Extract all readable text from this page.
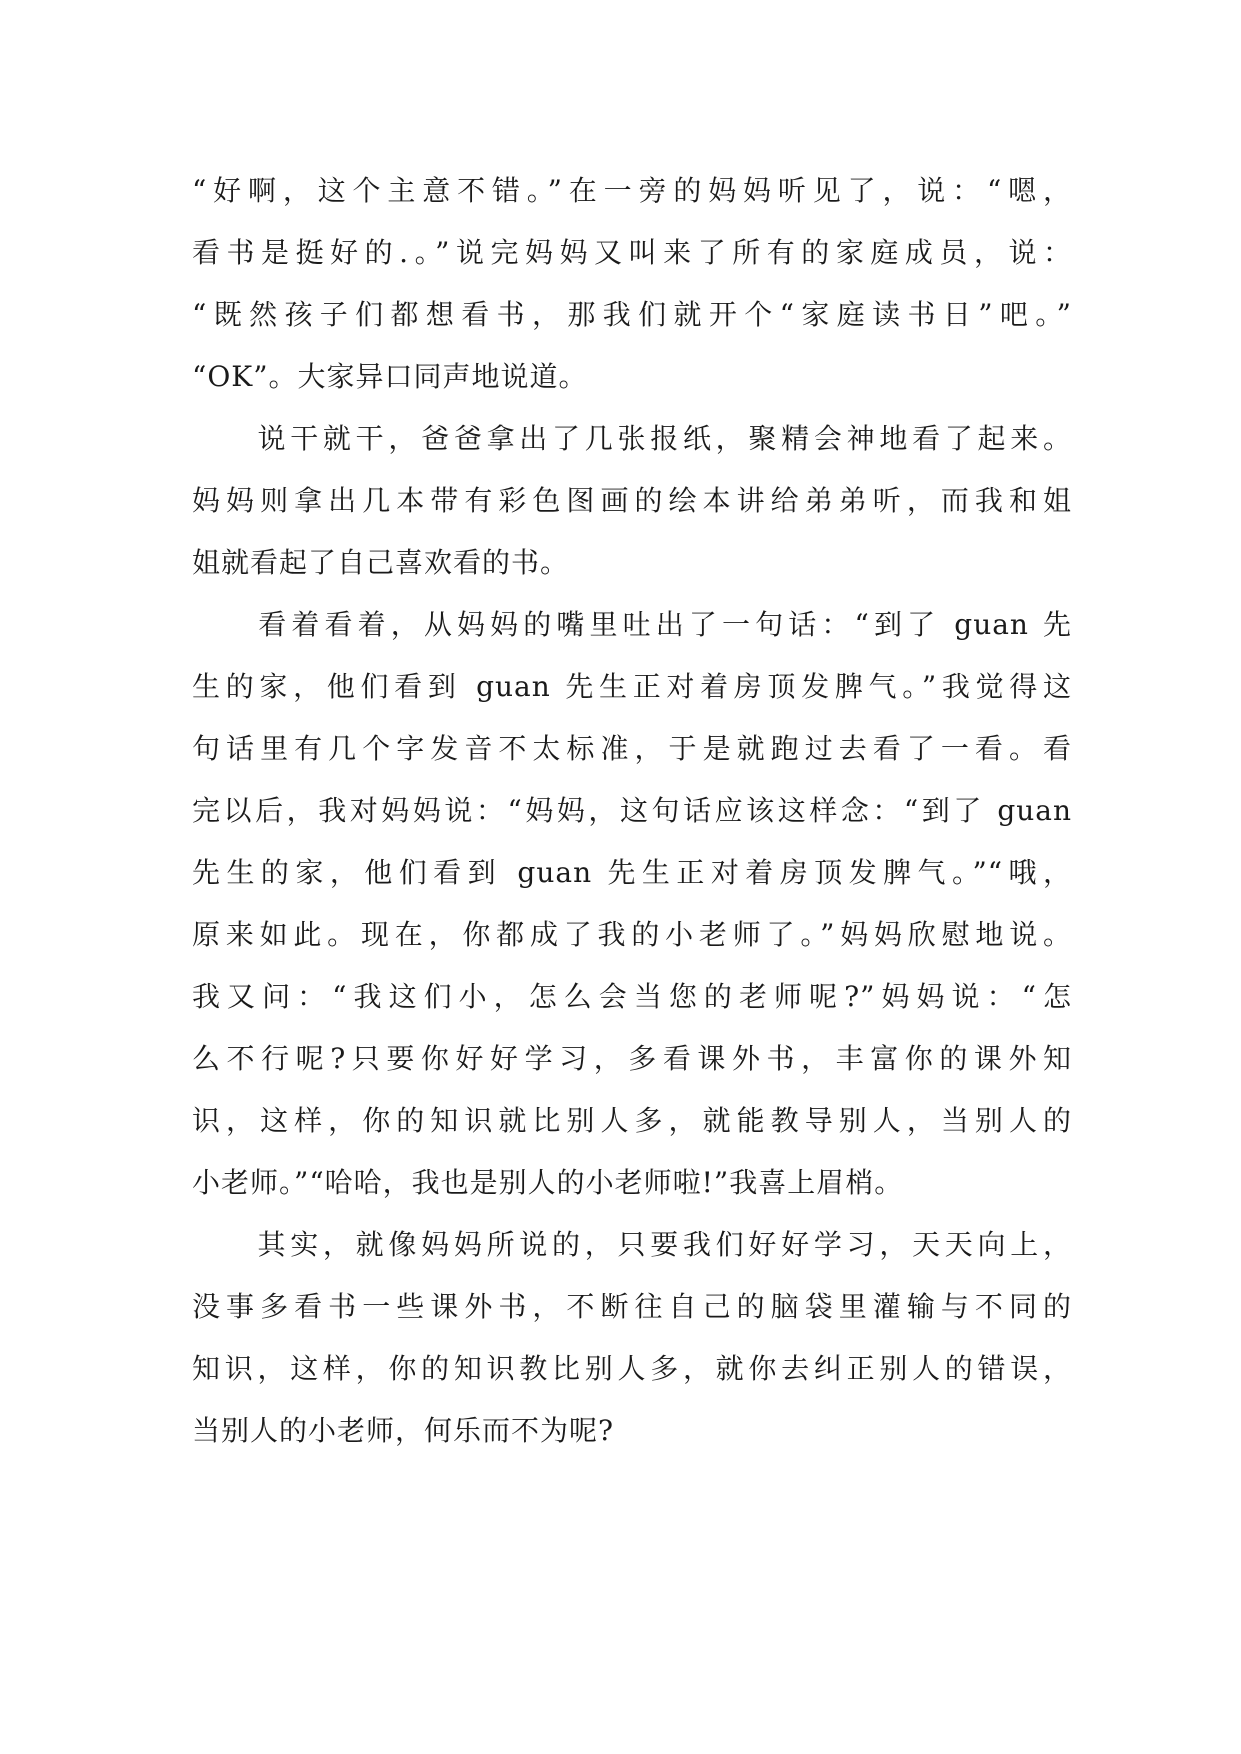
“好啊，这个主意不错。”在一旁的妈妈听见了，说：“嗯，
看书是挺好的.。”说完妈妈又叫来了所有的家庭成员，说：
“既然孩子们都想看书，那我们就开个“家庭读书日”吧。”
“OK”。大家异口同声地说道。
　　说干就干，爸爸拿出了几张报纸，聚精会神地看了起来。
妈妈则拿出几本带有彩色图画的绘本讲给弟弟听，而我和姐
姐就看起了自己喜欢看的书。
　　看着看着，从妈妈的嘴里吐出了一句话：“到了 guan 先
生的家，他们看到 guan 先生正对着房顶发脾气。”我觉得这
句话里有几个字发音不太标准，于是就跑过去看了一看。看
完以后，我对妈妈说：“妈妈，这句话应该这样念：“到了 guan
先生的家，他们看到 guan 先生正对着房顶发脾气。”“哦，
原来如此。现在，你都成了我的小老师了。”妈妈欣慰地说。
我又问：“我这们小，怎么会当您的老师呢?”妈妈说：“怎
么不行呢?只要你好好学习，多看课外书，丰富你的课外知
识，这样，你的知识就比别人多，就能教导别人，当别人的
小老师。”“哈哈，我也是别人的小老师啦!”我喜上眉梢。
　　其实，就像妈妈所说的，只要我们好好学习，天天向上，
没事多看书一些课外书，不断往自己的脑袋里灌输与不同的
知识，这样，你的知识教比别人多，就你去纠正别人的错误，
当别人的小老师，何乐而不为呢?
